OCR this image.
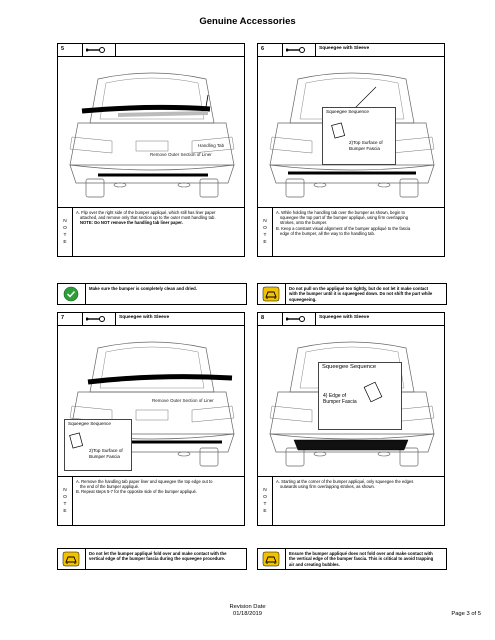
Genuine Accessories
5
Handling Tab
Remove Outer Section of Liner
N
O
T
E
A. Flip over the right side of the bumper appliqué, which still has liner paper
attached, and remove only that section up to the outer most handling tab.
NOTE: Do NOT remove the handling tab liner paper.
Make sure the bumper is completely clean and dried.
6	Squeegee with Sleeve
Squeegee Sequence
2)Top Surface of
Bumper Fascia
N
O
T
E
A. While holding the handling tab over the bumper as shown, begin to
squeegee the top part of the bumper appliqué, using firm overlapping
strokes, onto the bumper.
B. Keep a constant visual alignment of the bumper appliqué to the fascia
edge of the bumper, all the way to the handling tab.
Do not pull on the appliqué too tightly, but do not let it make contact
with the bumper until it is squeegeed down. Do not shift the part while
squeegeeing.
7	Squeegee with Sleeve
Remove Outer Section of Liner
Squeegee Sequence
2)Top Surface of
Bumper Fascia
N
O
T
E
A. Remove the handling tab paper liner and squeegee the top edge out to
the end of the bumper appliqué.
B. Repeat steps 5-7 for the opposite side of the bumper appliqué.
Do not let the bumper appliqué fold over and make contact with the
vertical edge of the bumper fascia during the squeegee procedure.
8	Squeegee with Sleeve
Squeegee Sequence
4) Edge of
Bumper Fascia
N
O
T
E
A. Starting at the corner of the bumper appliqué, only squeegee the edges
outwards using firm overlapping strokes, as shown.
Ensure the bumper appliqué does not fold over and make contact with
the vertical edge of the bumper fascia. This is critical to avoid trapping
air and creating bubbles.
Revision Date
01/18/2019	Page 3 of 5
